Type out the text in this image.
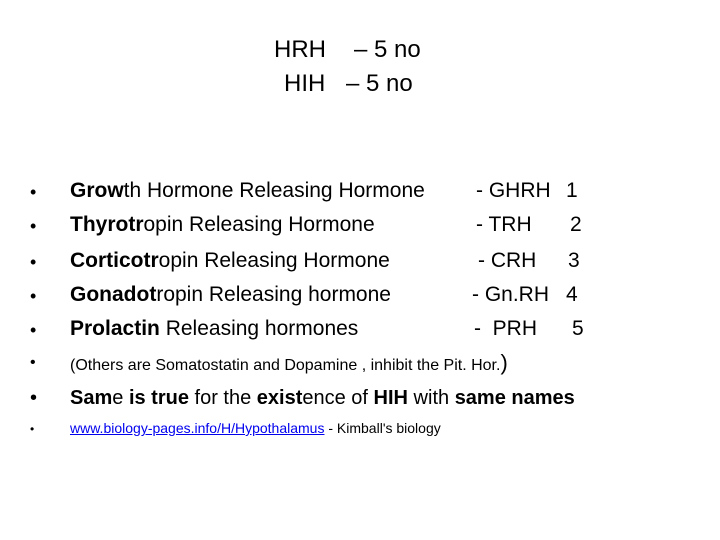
HRH – 5 no
HIH – 5 no
• Growth Hormone Releasing Hormone - GHRH 1
• Thyrotropin Releasing Hormone	- TRH 2
• Corticotropin Releasing Hormone	- CRH 3
• Gonadotropin Releasing hormone	- Gn.RH 4
• Prolactin Releasing hormones	-  PRH 5
• (Others are Somatostatin and Dopamine , inhibit the Pit. Hor.)
• Same is true for the existence of HIH with same names
•	www.biology-pages.info/H/Hypothalamus - Kimball's biology
